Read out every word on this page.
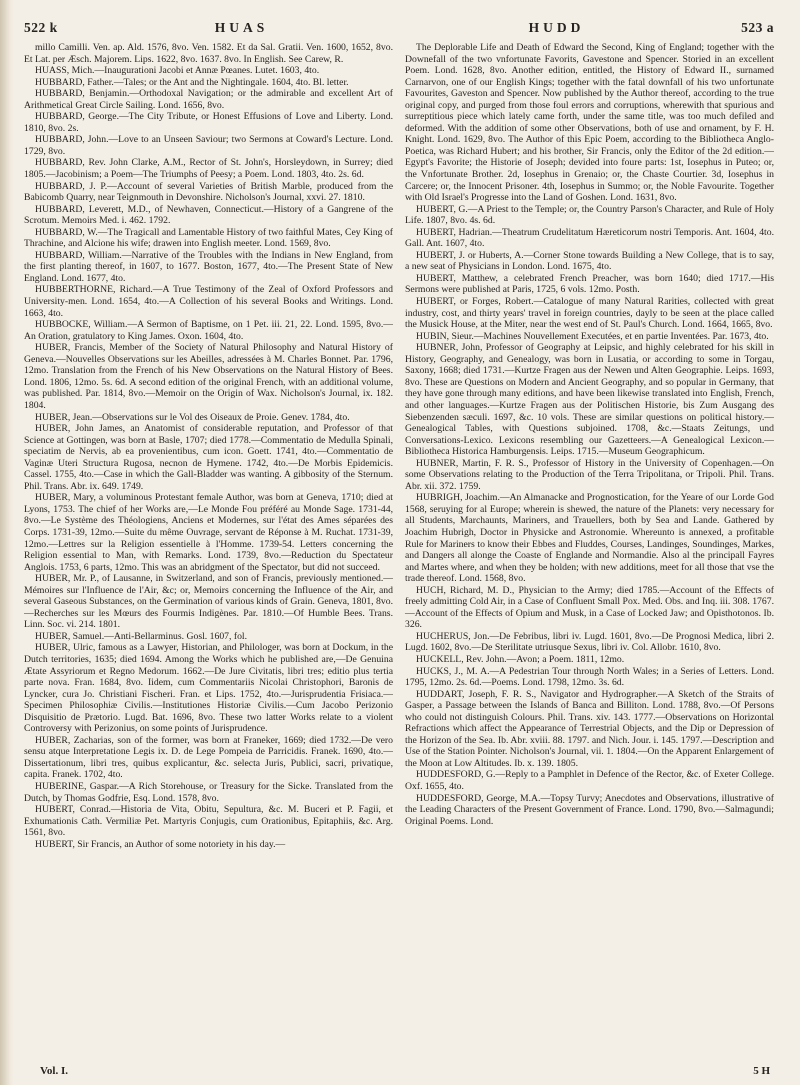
522 k	HUAS	HUDD	523 a

millo Camilli. Ven. ap. Ald. 1576, 8vo. Ven. 1582. Et da Sal. Gratii. Ven. 1600, 1652, 8vo. Et Lat. per Æsch. Majorem. Lips. 1622, 8vo. 1637. 8vo. In English. See Carew, R.

HUASS, Mich.—Inaugurationi Jacobi et Annæ Pœanes. Lutet. 1603, 4to.

HUBBARD, Father.—Tales; or the Ant and the Nightingale. 1604, 4to. Bl. letter.

HUBBARD, Benjamin.—Orthodoxal Navigation; or the admirable and excellent Art of Arithmetical Great Circle Sailing. Lond. 1656, 8vo.

HUBBARD, George.—The City Tribute, or Honest Effusions of Love and Liberty. Lond. 1810, 8vo. 2s.

HUBBARD, John.—Love to an Unseen Saviour; two Sermons at Coward's Lecture. Lond. 1729, 8vo.

HUBBARD, Rev. John Clarke, A.M., Rector of St. John's, Horsleydown, in Surrey; died 1805.—Jacobinism; a Poem—The Triumphs of Peesy; a Poem. Lond. 1803, 4to. 2s. 6d.

HUBBARD, J. P.—Account of several Varieties of British Marble, produced from the Babicomb Quarry, near Teignmouth in Devonshire. Nicholson's Journal, xxvi. 27. 1810.

HUBBARD, Leverett, M.D., of Newhaven, Connecticut.—History of a Gangrene of the Scrotum. Memoirs Med. i. 462. 1792.

HUBBARD, W.—The Tragicall and Lamentable History of two faithful Mates, Cey King of Thrachine, and Alcione his wife; drawen into English meeter. Lond. 1569, 8vo.

HUBBARD, William.—Narrative of the Troubles with the Indians in New England, from the first planting thereof, in 1607, to 1677. Boston, 1677, 4to.—The Present State of New England. Lond. 1677, 4to.

HUBBERTHORNE, Richard.—A True Testimony of the Zeal of Oxford Professors and University-men. Lond. 1654, 4to.—A Collection of his several Books and Writings. Lond. 1663, 4to.

HUBBOCKE, William.—A Sermon of Baptisme, on 1 Pet. iii. 21, 22. Lond. 1595, 8vo.—An Oration, gratulatory to King James. Oxon. 1604, 4to.

HUBER, Francis, Member of the Society of Natural Philosophy and Natural History of Geneva.—Nouvelles Observations sur les Abeilles, adressées à M. Charles Bonnet. Par. 1796, 12mo. Translation from the French of his New Observations on the Natural History of Bees. Lond. 1806, 12mo. 5s. 6d. A second edition of the original French, with an additional volume, was published. Par. 1814, 8vo.—Memoir on the Origin of Wax. Nicholson's Journal, ix. 182. 1804.

HUBER, Jean.—Observations sur le Vol des Oiseaux de Proie. Genev. 1784, 4to.

HUBER, John James, an Anatomist of considerable reputation, and Professor of that Science at Gottingen, was born at Basle, 1707; died 1778.—Commentatio de Medulla Spinali, speciatim de Nervis, ab ea provenientibus, cum icon. Goett. 1741, 4to.—Commentatio de Vaginæ Uteri Structura Rugosa, necnon de Hymene. 1742, 4to.—De Morbis Epidemicis. Cassel. 1755, 4to.—Case in which the Gall-Bladder was wanting. A gibbosity of the Sternum. Phil. Trans. Abr. ix. 649. 1749.

HUBER, Mary, a voluminous Protestant female Author, was born at Geneva, 1710; died at Lyons, 1753. The chief of her Works are,—Le Monde Fou préféré au Monde Sage. 1731-44, 8vo.—Le Système des Théologiens, Anciens et Modernes, sur l'état des Ames séparées des Corps. 1731-39, 12mo.—Suite du même Ouvrage, servant de Réponse à M. Ruchat. 1731-39, 12mo.—Lettres sur la Religion essentielle à l'Homme. 1739-54. Letters concerning the Religion essential to Man, with Remarks. Lond. 1739, 8vo.—Reduction du Spectateur Anglois. 1753, 6 parts, 12mo. This was an abridgment of the Spectator, but did not succeed.

HUBER, Mr. P., of Lausanne, in Switzerland, and son of Francis, previously mentioned.—Mémoires sur l'Influence de l'Air, &c; or, Memoirs concerning the Influence of the Air, and several Gaseous Substances, on the Germination of various kinds of Grain. Geneva, 1801, 8vo.—Recherches sur les Mœurs des Fourmis Indigènes. Par. 1810.—Of Humble Bees. Trans. Linn. Soc. vi. 214. 1801.

HUBER, Samuel.—Anti-Bellarminus. Gosl. 1607, fol.

HUBER, Ulric, famous as a Lawyer, Historian, and Philologer, was born at Dockum, in the Dutch territories, 1635; died 1694. Among the Works which he published are,—De Genuina Ætate Assyriorum et Regno Medorum. 1662.—De Jure Civitatis, libri tres; editio plus tertia parte nova. Fran. 1684, 8vo. Iidem, cum Commentariis Nicolai Christophori, Baronis de Lyncker, cura Jo. Christiani Fischeri. Fran. et Lips. 1752, 4to.—Jurisprudentia Frisiaca.—Specimen Philosophiæ Civilis.—Institutiones Historiæ Civilis.—Cum Jacobo Perizonio Disquisitio de Prætorio. Lugd. Bat. 1696, 8vo. These two latter Works relate to a violent Controversy with Perizonius, on some points of Jurisprudence.

HUBER, Zacharias, son of the former, was born at Franeker, 1669; died 1732.—De vero sensu atque Interpretatione Legis ix. D. de Lege Pompeia de Parricidis. Franek. 1690, 4to.—Dissertationum, libri tres, quibus explicantur, &c. selecta Juris, Publici, sacri, privatique, capita. Franek. 1702, 4to.

HUBERINE, Gaspar.—A Rich Storehouse, or Treasury for the Sicke. Translated from the Dutch, by Thomas Godfrie, Esq. Lond. 1578, 8vo.

HUBERT, Conrad.—Historia de Vita, Obitu, Sepultura, &c. M. Buceri et P. Fagii, et Exhumationis Cath. Vermiliæ Pet. Martyris Conjugis, cum Orationibus, Epitaphiis, &c. Arg. 1561, 8vo.

HUBERT, Sir Francis, an Author of some notoriety in his day.—

The Deplorable Life and Death of Edward the Second, King of England; together with the Downefall of the two vnfortunate Favorits, Gavestone and Spencer. Storied in an excellent Poem. Lond. 1628, 8vo. Another edition, entitled, the History of Edward II., surnamed Carnarvon, one of our English Kings; together with the fatal downfall of his two unfortunate Favourites, Gaveston and Spencer. Now published by the Author thereof, according to the true original copy, and purged from those foul errors and corruptions, wherewith that spurious and surreptitious piece which lately came forth, under the same title, was too much defiled and deformed. With the addition of some other Observations, both of use and ornament, by F. H. Knight. Lond. 1629, 8vo. The Author of this Epic Poem, according to the Bibliotheca Anglo-Poetica, was Richard Hubert; and his brother, Sir Francis, only the Editor of the 2d edition.—Egypt's Favorite; the Historie of Joseph; devided into foure parts: 1st, Iosephus in Puteo; or, the Vnfortunate Brother. 2d, Iosephus in Grenaio; or, the Chaste Courtier. 3d, Iosephus in Carcere; or, the Innocent Prisoner. 4th, Iosephus in Summo; or, the Noble Favourite. Together with Old Israel's Progresse into the Land of Goshen. Lond. 1631, 8vo.

HUBERT, G.—A Priest to the Temple; or, the Country Parson's Character, and Rule of Holy Life. 1807, 8vo. 4s. 6d.

HUBERT, Hadrian.—Theatrum Crudelitatum Hæreticorum nostri Temporis. Ant. 1604, 4to. Gall. Ant. 1607, 4to.

HUBERT, J. or Huberts, A.—Corner Stone towards Building a New College, that is to say, a new seat of Physicians in London. Lond. 1675, 4to.

HUBERT, Matthew, a celebrated French Preacher, was born 1640; died 1717.—His Sermons were published at Paris, 1725, 6 vols. 12mo. Posth.

HUBERT, or Forges, Robert.—Catalogue of many Natural Rarities, collected with great industry, cost, and thirty years' travel in foreign countries, dayly to be seen at the place called the Musick House, at the Miter, near the west end of St. Paul's Church. Lond. 1664, 1665, 8vo.

HUBIN, Sieur.—Machines Nouvellement Executées, et en partie Inventées. Par. 1673, 4to.

HUBNER, John, Professor of Geography at Leipsic, and highly celebrated for his skill in History, Geography, and Genealogy, was born in Lusatia, or according to some in Torgau, Saxony, 1668; died 1731.—Kurtze Fragen aus der Newen und Alten Geographie. Leips. 1693, 8vo. These are Questions on Modern and Ancient Geography, and so popular in Germany, that they have gone through many editions, and have been likewise translated into English, French, and other languages.—Kurtze Fragen aus der Politischen Historie, bis Zum Ausgang des Siebenzenden sæculi. 1697, &c. 10 vols. These are similar questions on political history.—Genealogical Tables, with Questions subjoined. 1708, &c.—Staats Zeitungs, und Conversations-Lexico. Lexicons resembling our Gazetteers.—A Genealogical Lexicon.—Bibliotheca Historica Hamburgensis. Leips. 1715.—Museum Geographicum.

HUBNER, Martin, F. R. S., Professor of History in the University of Copenhagen.—On some Observations relating to the Production of the Terra Tripolitana, or Tripoli. Phil. Trans. Abr. xii. 372. 1759.

HUBRIGH, Joachim.—An Almanacke and Prognostication, for the Yeare of our Lorde God 1568, seruying for al Europe; wherein is shewed, the nature of the Planets: very necessary for all Students, Marchaunts, Mariners, and Trauellers, both by Sea and Lande. Gathered by Joachim Hubrigh, Doctor in Physicke and Astronomie. Whereunto is annexed, a profitable Rule for Mariners to know their Ebbes and Fluddes, Courses, Landinges, Soundinges, Markes, and Dangers all alonge the Coaste of Englande and Normandie. Also al the principall Fayres and Martes where, and when they be holden; with new additions, meet for all those that vse the trade thereof. Lond. 1568, 8vo.

HUCH, Richard, M. D., Physician to the Army; died 1785.—Account of the Effects of freely admitting Cold Air, in a Case of Confluent Small Pox. Med. Obs. and Inq. iii. 308. 1767.—Account of the Effects of Opium and Musk, in a Case of Locked Jaw; and Opisthotonos. Ib. 326.

HUCHERUS, Jon.—De Febribus, libri iv. Lugd. 1601, 8vo.—De Prognosi Medica, libri 2. Lugd. 1602, 8vo.—De Sterilitate utriusque Sexus, libri iv. Col. Allobr. 1610, 8vo.

HUCKELL, Rev. John.—Avon; a Poem. 1811, 12mo.

HUCKS, J., M. A.—A Pedestrian Tour through North Wales; in a Series of Letters. Lond. 1795, 12mo. 2s. 6d.—Poems. Lond. 1798, 12mo. 3s. 6d.

HUDDART, Joseph, F. R. S., Navigator and Hydrographer.—A Sketch of the Straits of Gasper, a Passage between the Islands of Banca and Billiton. Lond. 1788, 8vo.—Of Persons who could not distinguish Colours. Phil. Trans. xiv. 143. 1777.—Observations on Horizontal Refractions which affect the Appearance of Terrestrial Objects, and the Dip or Depression of the Horizon of the Sea. Ib. Abr. xviii. 88. 1797. and Nich. Jour. i. 145. 1797.—Description and Use of the Station Pointer. Nicholson's Journal, vii. 1. 1804.—On the Apparent Enlargement of the Moon at Low Altitudes. Ib. x. 139. 1805.

HUDDESFORD, G.—Reply to a Pamphlet in Defence of the Rector, &c. of Exeter College. Oxf. 1655, 4to.

HUDDESFORD, George, M.A.—Topsy Turvy; Anecdotes and Observations, illustrative of the Leading Characters of the Present Government of France. Lond. 1790, 8vo.—Salmagundi; Original Poems. Lond.

Vol. I.	5 H
